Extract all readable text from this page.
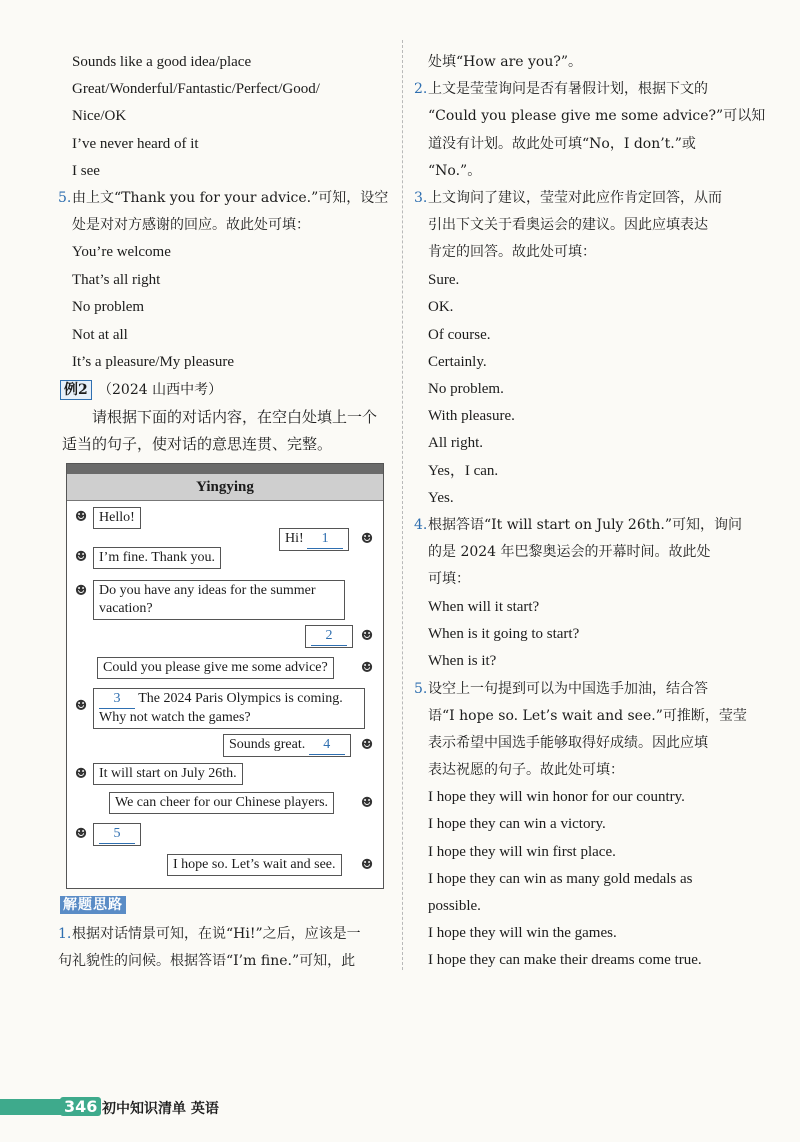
Sounds like a good idea/place
Great/Wonderful/Fantastic/Perfect/Good/
Nice/OK
I’ve never heard of it
I see
5. 由上文“Thank you for your advice.”可知，设空
处是对对方感谢的回应。故此处可填：
You’re welcome
That’s all right
No problem
Not at all
It’s a pleasure/My pleasure
例2 （2024 山西中考）
请根据下面的对话内容，在空白处填上一个
适当的句子，使对话的意思连贯、完整。
Yingying
☻ Hello!
Hi! 1	☻
☻ I’m fine. Thank you.
☻ Do you have any ideas for the summer
vacation?
2	☻
Could you please give me some advice?	☻
☻	3 The 2024 Paris Olympics is coming.
Why not watch the games?
Sounds great. 4	☻
☻ It will start on July 26th.
We can cheer for our Chinese players.	☻
☻	5
I hope so. Let’s wait and see.	☻
解题思路
1. 根据对话情景可知，在说“Hi!”之后，应该是一
句礼貌性的问候。根据答语“I’m fine.”可知，此
处填“How are you?”。
2. 上文是莹莹询问是否有暑假计划，根据下文的
“Could you please give me some advice?”可以知
道没有计划。故此处可填“No，I don’t.”或
“No.”。
3. 上文询问了建议，莹莹对此应作肯定回答，从而
引出下文关于看奥运会的建议。因此应填表达
肯定的回答。故此处可填：
Sure.
OK.
Of course.
Certainly.
No problem.
With pleasure.
All right.
Yes，I can.
Yes.
4. 根据答语“It will start on July 26th.”可知，询问
的是 2024 年巴黎奥运会的开幕时间。故此处
可填：
When will it start?
When is it going to start?
When is it?
5. 设空上一句提到可以为中国选手加油，结合答
语“I hope so. Let’s wait and see.”可推断，莹莹
表示希望中国选手能够取得好成绩。因此应填
表达祝愿的句子。故此处可填：
I hope they will win honor for our country.
I hope they can win a victory.
I hope they will win first place.
I hope they can win as many gold medals as
possible.
I hope they will win the games.
I hope they can make their dreams come true.
346 初中知识清单 英语
